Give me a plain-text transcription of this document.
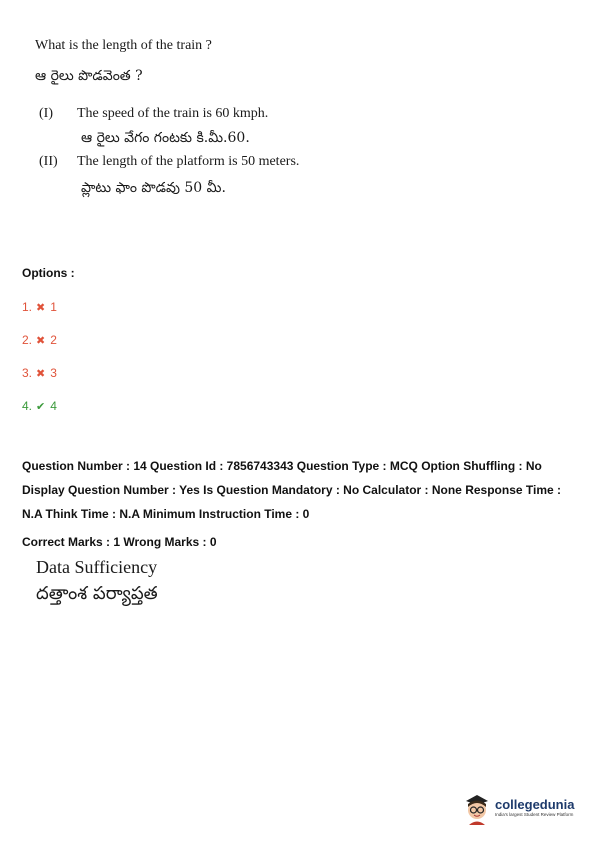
What is the length of the train ?

ఆ రైలు పొడవెంత ?

(I)	The speed of the train is 60 kmph.

ఆ రైలు వేగం గంటకు కి.మీ.60.

(II)	The length of the platform is 50 meters.

ప్లాటు ఫాం పొడవు 50 మీ.

Options :

1. ✖ 1
2. ✖ 2
3. ✖ 3
4. ✔ 4
Question Number : 14 Question Id : 7856743343 Question Type : MCQ Option Shuffling : No Display Question Number : Yes Is Question Mandatory : No Calculator : None Response Time : N.A Think Time : N.A Minimum Instruction Time : 0
Correct Marks : 1 Wrong Marks : 0

Data Sufficiency

దత్తాంశ పర్యాప్తత

collegedunia
India's largest Student Review Platform
